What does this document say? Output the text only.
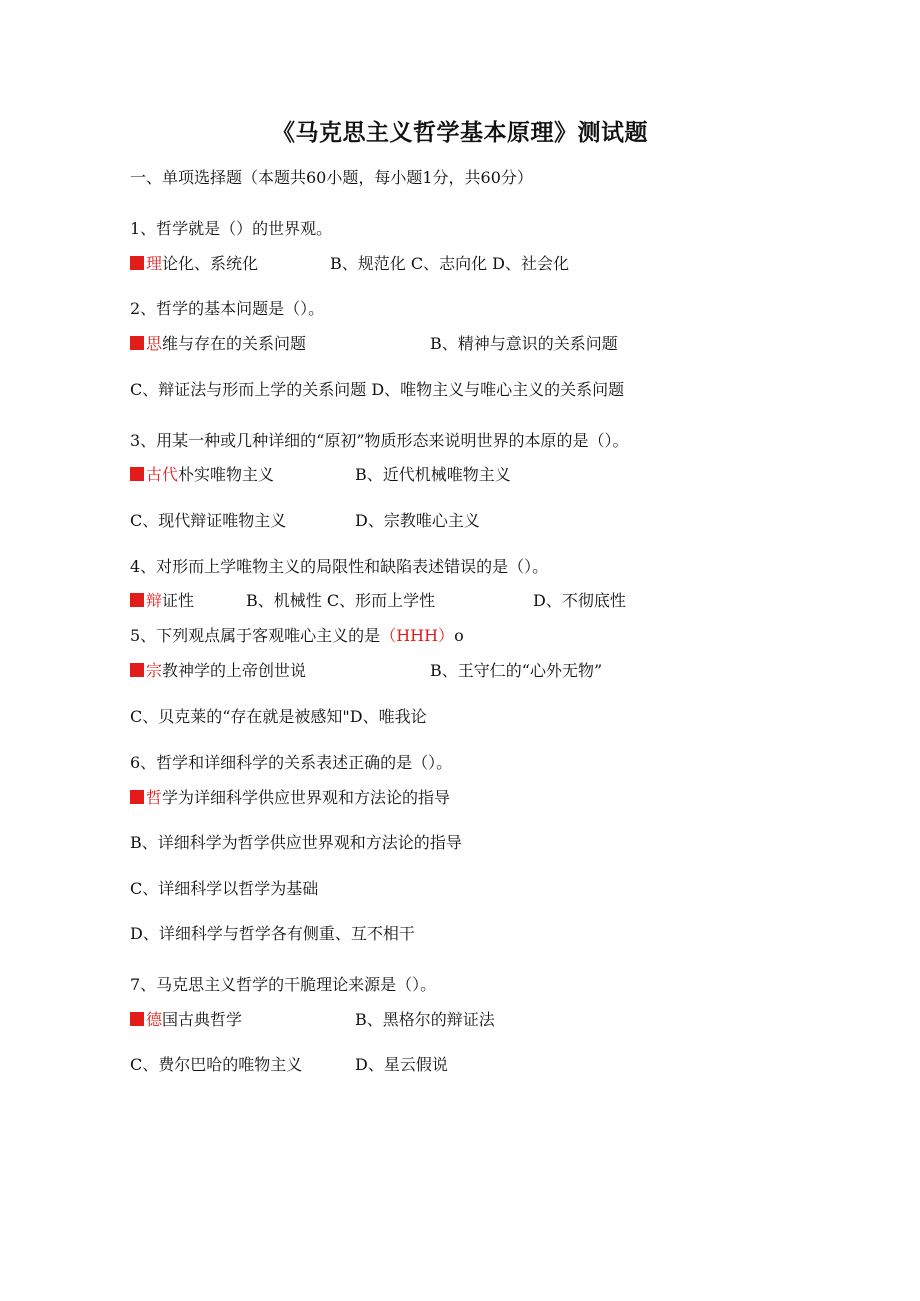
《马克思主义哲学基本原理》测试题
一、单项选择题（本题共60小题，每小题1分，共60分）
1、哲学就是（）的世界观。
理论化、系统化	B、规范化 C、志向化 D、社会化
2、哲学的基本问题是（）。
思维与存在的关系问题	B、精神与意识的关系问题
C、辩证法与形而上学的关系问题 D、唯物主义与唯心主义的关系问题
3、用某一种或几种详细的“原初”物质形态来说明世界的本原的是（）。
古代朴实唯物主义	B、近代机械唯物主义
C、现代辩证唯物主义	D、宗教唯心主义
4、对形而上学唯物主义的局限性和缺陷表述错误的是（）。
辩证性	B、机械性 C、形而上学性	D、不彻底性
5、下列观点属于客观唯心主义的是（HHH）o
宗教神学的上帝创世说	B、王守仁的“心外无物”
C、贝克莱的“存在就是被感知"D、唯我论
6、哲学和详细科学的关系表述正确的是（）。
哲学为详细科学供应世界观和方法论的指导
B、详细科学为哲学供应世界观和方法论的指导
C、详细科学以哲学为基础
D、详细科学与哲学各有侧重、互不相干
7、马克思主义哲学的干脆理论来源是（）。
德国古典哲学	B、黑格尔的辩证法
C、费尔巴哈的唯物主义	D、星云假说
